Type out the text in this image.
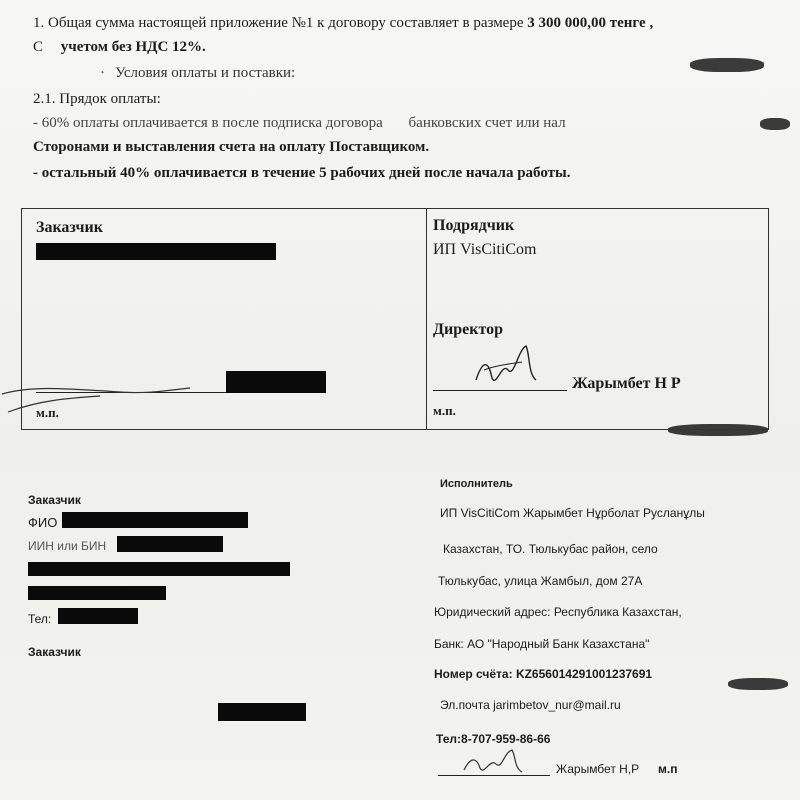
1. Общая сумма настоящей приложение №1 к договору составляет в размере 3 300 000,00 тенге ,
С учетом без НДС 12%.
· Условия оплаты и поставки:
2.1. Прядок оплаты:
- 60% оплаты оплачивается в после подписка договора банковских счет или нал
Сторонами и выставления счета на оплату Поставщиком.
- остальный 40% оплачивается в течение 5 рабочих дней после начала работы.
Заказчик
м.п.
Подрядчик
ИП VisCitiCom
Директор
Жарымбет Н Р
м.п.
Заказчик
ФИО
ИИН или БИН
Тел:
Заказчик
Исполнитель
ИП VisCitiCom Жарымбет Нұрболат Русланұлы
Казахстан, ТО. Тюлькубас район, село
Тюлькубас, улица Жамбыл, дом 27А
Юридический адрес: Республика Казахстан,
Банк: АО "Народный Банк Казахстана"
Номер счёта: KZ656014291001237691
Эл.почта jarimbetov_nur@mail.ru
Тел:8-707-959-86-66
Жарымбет Н,Р м.п
